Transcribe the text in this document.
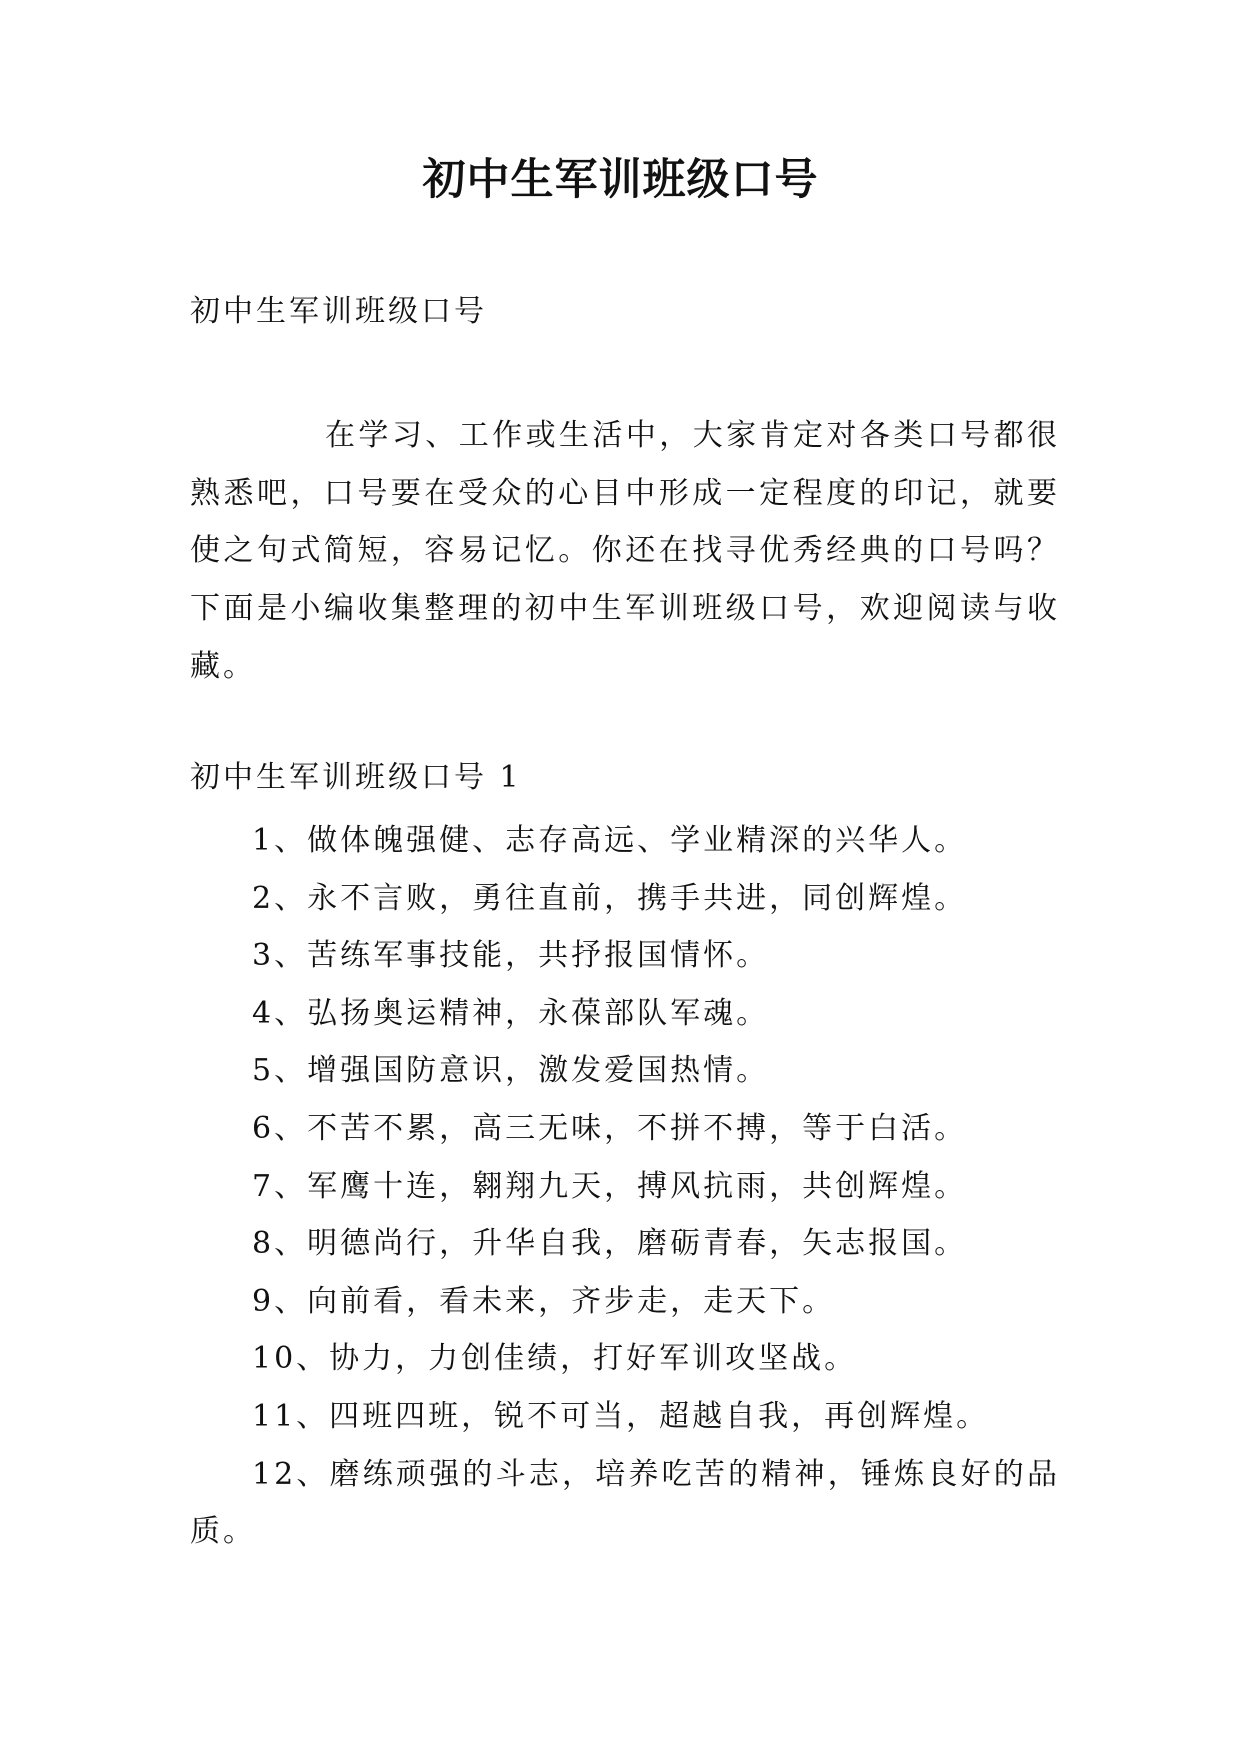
初中生军训班级口号
初中生军训班级口号
在学习、工作或生活中，大家肯定对各类口号都很熟悉吧，口号要在受众的心目中形成一定程度的印记，就要使之句式简短，容易记忆。你还在找寻优秀经典的口号吗？下面是小编收集整理的初中生军训班级口号，欢迎阅读与收藏。
初中生军训班级口号 1
1、做体魄强健、志存高远、学业精深的兴华人。
2、永不言败，勇往直前，携手共进，同创辉煌。
3、苦练军事技能，共抒报国情怀。
4、弘扬奥运精神，永葆部队军魂。
5、增强国防意识，激发爱国热情。
6、不苦不累，高三无味，不拼不搏，等于白活。
7、军鹰十连，翱翔九天，搏风抗雨，共创辉煌。
8、明德尚行，升华自我，磨砺青春，矢志报国。
9、向前看，看未来，齐步走，走天下。
10、协力，力创佳绩，打好军训攻坚战。
11、四班四班，锐不可当，超越自我，再创辉煌。
12、磨练顽强的斗志，培养吃苦的精神，锤炼良好的品质。
